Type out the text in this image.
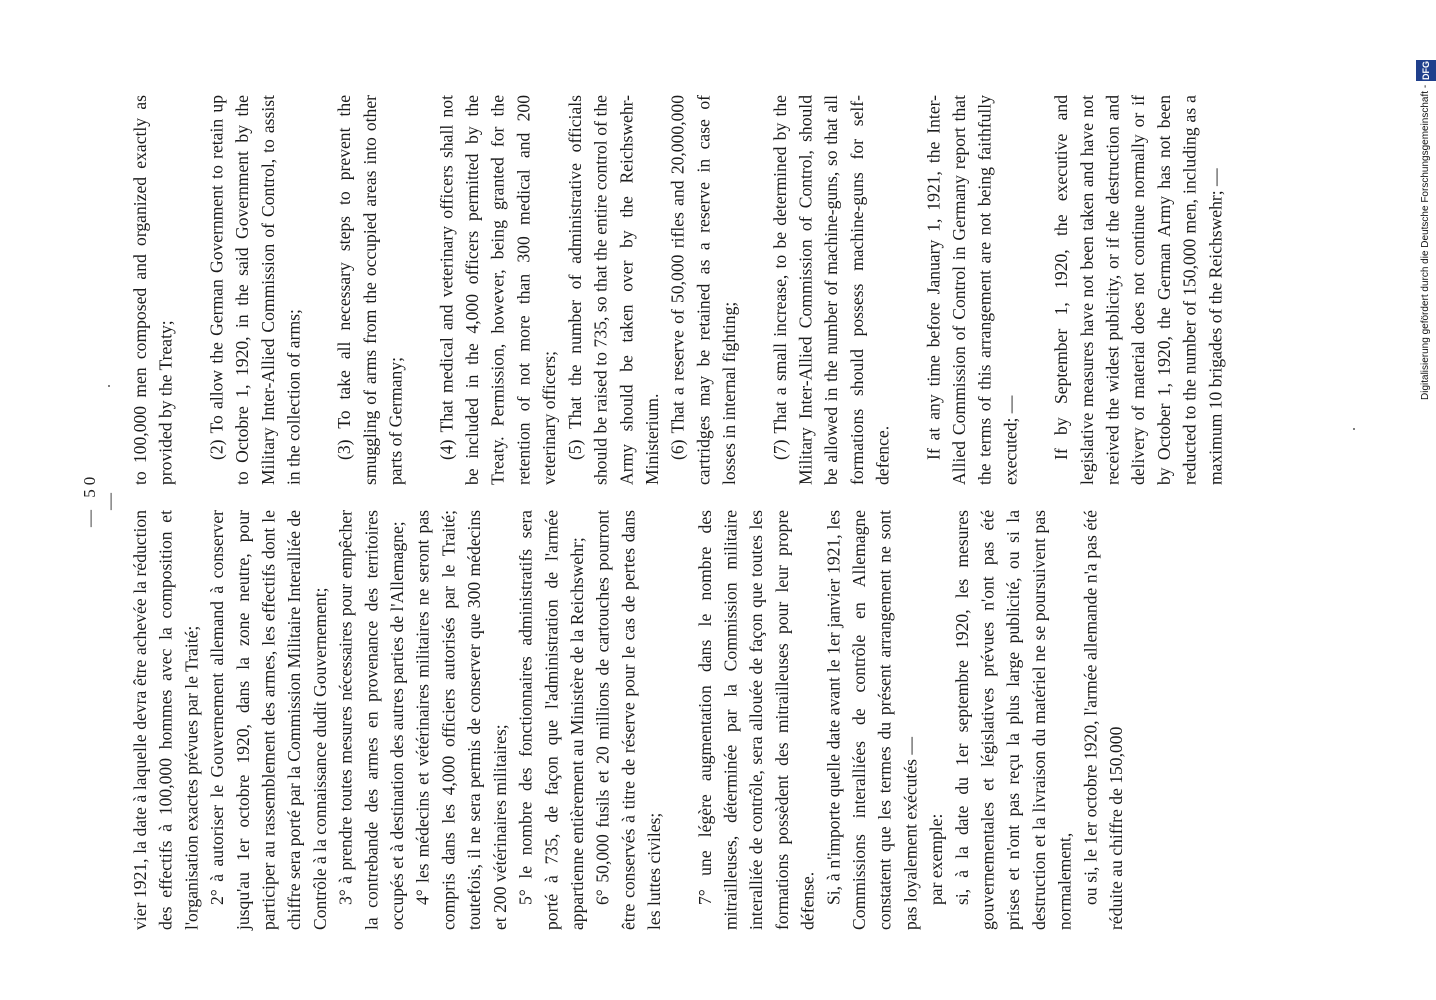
— 50 —

vier 1921, la date à laquelle devra être achevée la réduction des effectifs à 100,000 hommes avec la composition et l'organisation exactes prévues par le Traité; 2° à autoriser le Gouvernement allemand à conserver jusqu'au 1er octobre 1920, dans la zone neutre, pour participer au rassemblement des armes, les effectifs dont le chiffre sera porté par la Commission Militaire Interalliée de Contrôle à la connaissance dudit Gouvernement; 3° à prendre toutes mesures nécessaires pour empêcher la contrebande des armes en provenance des territoires occupés et à destination des autres parties de l'Allemagne; 4° les médecins et vétérinaires militaires ne seront pas compris dans les 4,000 officiers autorisés par le Traité; toutefois, il ne sera permis de conserver que 300 médecins et 200 vétérinaires militaires; 5° le nombre des fonctionnaires administratifs sera porté à 735, de façon que l'administration de l'armée appartienne entièrement au Ministère de la Reichswehr; 6° 50,000 fusils et 20 millions de cartouches pourront être conservés à titre de réserve pour le cas de pertes dans les luttes civiles; 7° une légère augmentation dans le nombre des mitrailleuses, déterminée par la Commission militaire interalliée de contrôle, sera allouée de façon que toutes les formations possèdent des mitrailleuses pour leur propre défense. Si, à n'importe quelle date avant le 1er janvier 1921, les Commissions interalliées de contrôle en Allemagne constatent que les termes du présent arrangement ne sont pas loyalement exécutés — par exemple: si, à la date du 1er septembre 1920, les mesures gouvernementales et législatives prévues n'ont pas été prises et n'ont pas reçu la plus large publicité, ou si la destruction et la livraison du matériel ne se poursuivent pas normalement, ou si, le 1er octobre 1920, l'armée allemande n'a pas été réduite au chiffre de 150,000

to 100,000 men composed and organized exactly as provided by the Treaty; (2) To allow the German Government to retain up to Octobre 1, 1920, in the said Government by the Military Inter-Allied Commission of Control, to assist in the collection of arms; (3) To take all necessary steps to prevent the smuggling of arms from the occupied areas into other parts of Germany; (4) That medical and veterinary officers shall not be included in the 4,000 officers permitted by the Treaty. Permission, however, being granted for the retention of not more than 300 medical and 200 veterinary officers; (5) That the number of administrative officials should be raised to 735, so that the entire control of the Army should be taken over by the Reichswehr-Ministerium. (6) That a reserve of 50,000 rifles and 20,000,000 cartridges may be retained as a reserve in case of losses in internal fighting; (7) That a small increase, to be determined by the Military Inter-Allied Commission of Control, should be allowed in the number of machine-guns, so that all formations should possess machine-guns for self-defence. If at any time before January 1, 1921, the Inter-Allied Commission of Control in Germany report that the terms of this arrangement are not being faithfully executed; — If by September 1, 1920, the executive and legislative measures have not been taken and have not received the widest publicity, or if the destruction and delivery of material does not continue normally or if by October 1, 1920, the German Army has not been reducted to the number of 150,000 men, including as a maximum 10 brigades of the Reichswehr; —	Digitalisierung gefördert durch die Deutsche Forschungsgemeinschaft -
DFG
